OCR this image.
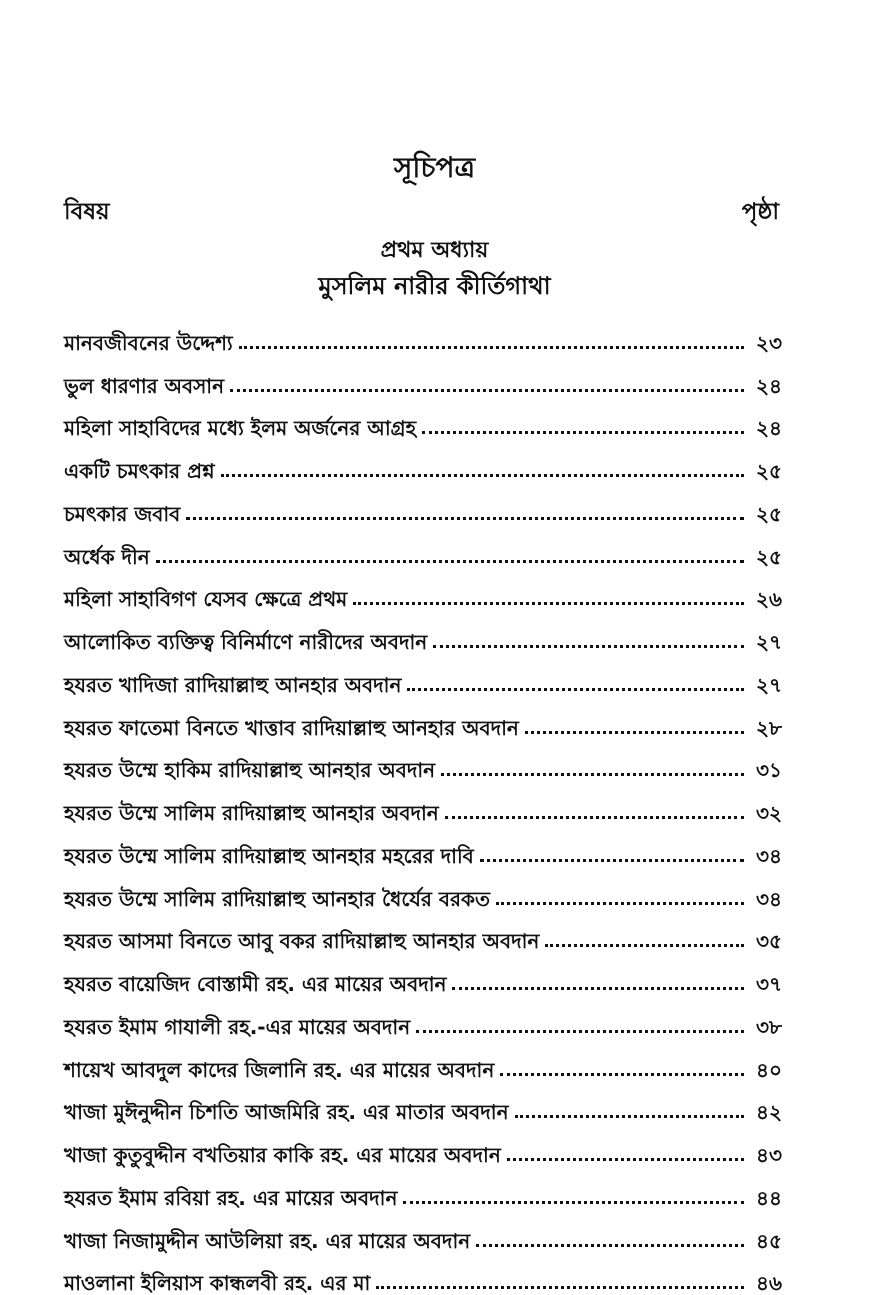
সূচিপত্র
বিষয়	পৃষ্ঠা
প্রথম অধ্যায়
মুসলিম নারীর কীর্তিগাথা
মানবজীবনের উদ্দেশ্য	২৩
ভুল ধারণার অবসান	২৪
মহিলা সাহাবিদের মধ্যে ইলম অর্জনের আগ্রহ	২৪
একটি চমৎকার প্রশ্ন	২৫
চমৎকার জবাব	২৫
অর্ধেক দীন	২৫
মহিলা সাহাবিগণ যেসব ক্ষেত্রে প্রথম	২৬
আলোকিত ব্যক্তিত্ব বিনির্মাণে নারীদের অবদান	২৭
হযরত খাদিজা রাদিয়াল্লাহু আনহার অবদান	২৭
হযরত ফাতেমা বিনতে খাত্তাব রাদিয়াল্লাহু আনহার অবদান	২৮
হযরত উম্মে হাকিম রাদিয়াল্লাহু আনহার অবদান	৩১
হযরত উম্মে সালিম রাদিয়াল্লাহু আনহার অবদান	৩২
হযরত উম্মে সালিম রাদিয়াল্লাহু আনহার মহরের দাবি	৩৪
হযরত উম্মে সালিম রাদিয়াল্লাহু আনহার ধৈর্যের বরকত	৩৪
হযরত আসমা বিনতে আবু বকর রাদিয়াল্লাহু আনহার অবদান	৩৫
হযরত বায়েজিদ বোস্তামী রহ. এর মায়ের অবদান	৩৭
হযরত ইমাম গাযালী রহ.-এর মায়ের অবদান	৩৮
শায়েখ আবদুল কাদের জিলানি রহ. এর মায়ের অবদান	৪০
খাজা মুঈনুদ্দীন চিশতি আজমিরি রহ. এর মাতার অবদান	৪২
খাজা কুতুবুদ্দীন বখতিয়ার কাকি রহ. এর মায়ের অবদান	৪৩
হযরত ইমাম রবিয়া রহ. এর মায়ের অবদান	৪৪
খাজা নিজামুদ্দীন আউলিয়া রহ. এর মায়ের অবদান	৪৫
মাওলানা ইলিয়াস কান্ধলবী রহ. এর মা	৪৬
